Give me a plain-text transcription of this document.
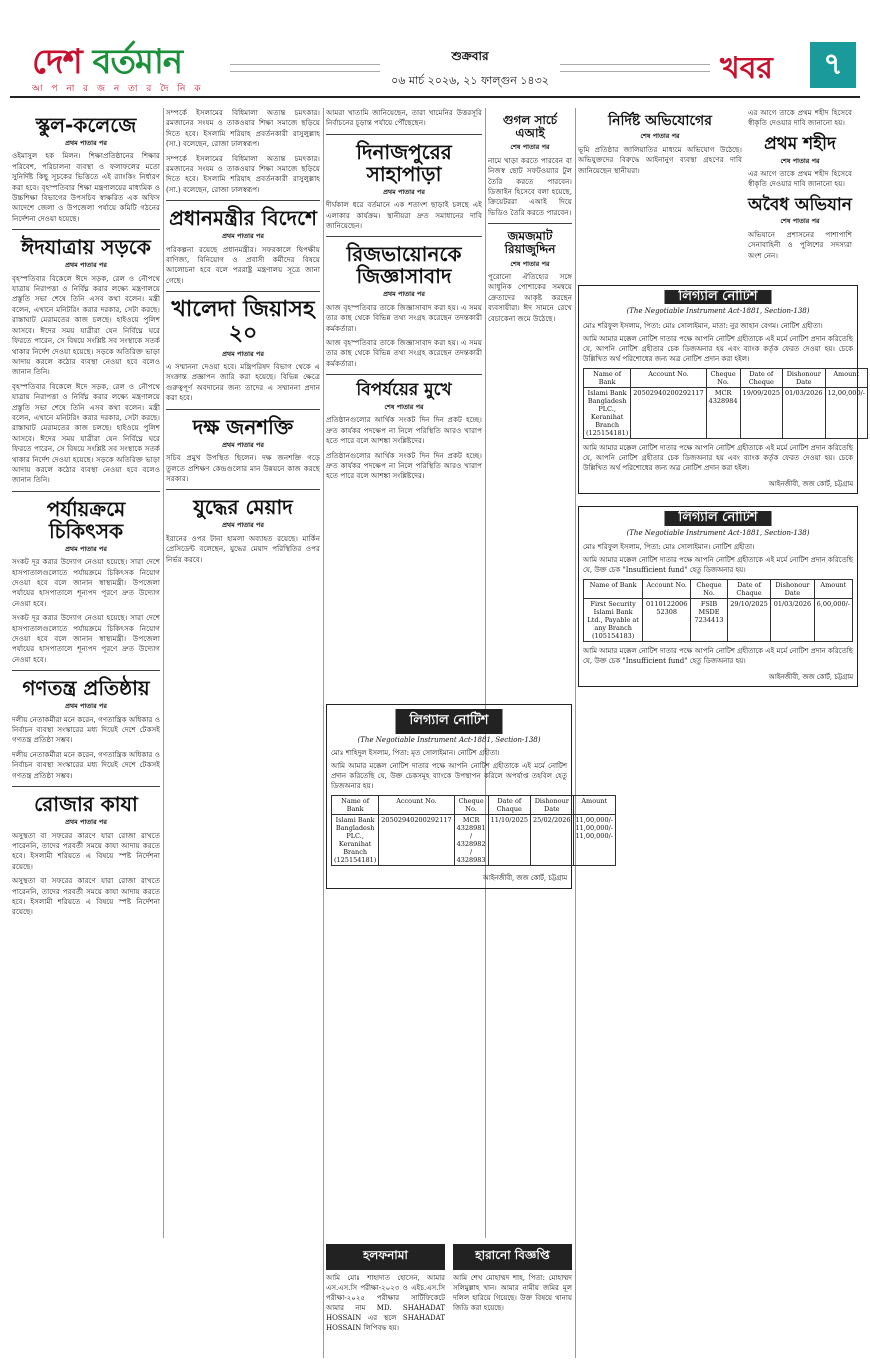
দেশ বর্তমান
আ প না র জ ন তা র দৈ নি ক
শুক্রবার
০৬ মার্চ ২০২৬, ২১ ফাল্গুন ১৪৩২	খবর	৭
স্কুল-কলেজে
প্রথম পাতার পর
ওইমাসুল হক মিলন। শিক্ষাপ্রতিষ্ঠানের শিক্ষার পরিবেশ, পরিচালনা ব্যবস্থা ও ফলাফলের মতো সুনির্দিষ্ট কিছু সূচকের ভিত্তিতে এই র‌্যাংকিং নির্ধারণ করা হবে। বৃহস্পতিবার শিক্ষা মন্ত্রণালয়ের মাধ্যমিক ও উচ্চশিক্ষা বিভাগের উপসচিব স্বাক্ষরিত এক অফিস আদেশে জেলা ও উপজেলা পর্যায়ে কমিটি গঠনের নির্দেশনা দেওয়া হয়েছে।
ঈদযাত্রায় সড়কে
প্রথম পাতার পর
বৃহস্পতিবার বিকেলে ঈদে সড়ক, রেল ও নৌপথে যাত্রায় নিরাপত্তা ও নির্বিঘ্ন করার লক্ষ্যে মন্ত্রণালয়ে প্রস্তুতি সভা শেষে তিনি এসব কথা বলেন। মন্ত্রী বলেন, এখানে মনিটরিং করার দরকার, সেটা করছে। রাস্তাঘাট মেরামতের কাজ চলছে। হাইওয়ে পুলিশ আসবে। ঈদের সময় যাত্রীরা যেন নির্বিঘ্নে ঘরে ফিরতে পারেন, সে বিষয়ে সংশ্লিষ্ট সব সংস্থাকে সতর্ক থাকার নির্দেশ দেওয়া হয়েছে। সড়কে অতিরিক্ত ভাড়া আদায় করলে কঠোর ব্যবস্থা নেওয়া হবে বলেও জানান তিনি।
বৃহস্পতিবার বিকেলে ঈদে সড়ক, রেল ও নৌপথে যাত্রায় নিরাপত্তা ও নির্বিঘ্ন করার লক্ষ্যে মন্ত্রণালয়ে প্রস্তুতি সভা শেষে তিনি এসব কথা বলেন। মন্ত্রী বলেন, এখানে মনিটরিং করার দরকার, সেটা করছে। রাস্তাঘাট মেরামতের কাজ চলছে। হাইওয়ে পুলিশ আসবে। ঈদের সময় যাত্রীরা যেন নির্বিঘ্নে ঘরে ফিরতে পারেন, সে বিষয়ে সংশ্লিষ্ট সব সংস্থাকে সতর্ক থাকার নির্দেশ দেওয়া হয়েছে। সড়কে অতিরিক্ত ভাড়া আদায় করলে কঠোর ব্যবস্থা নেওয়া হবে বলেও জানান তিনি।
পর্যায়ক্রমে চিকিৎসক
প্রথম পাতার পর
সংকট দূর করার উদ্যোগ নেওয়া হয়েছে। সারা দেশে হাসপাতালগুলোতে পর্যায়ক্রমে চিকিৎসক নিয়োগ দেওয়া হবে বলে জানান স্বাস্থ্যমন্ত্রী। উপজেলা পর্যায়ের হাসপাতালে শূন্যপদ পূরণে দ্রুত উদ্যোগ নেওয়া হবে।
সংকট দূর করার উদ্যোগ নেওয়া হয়েছে। সারা দেশে হাসপাতালগুলোতে পর্যায়ক্রমে চিকিৎসক নিয়োগ দেওয়া হবে বলে জানান স্বাস্থ্যমন্ত্রী। উপজেলা পর্যায়ের হাসপাতালে শূন্যপদ পূরণে দ্রুত উদ্যোগ নেওয়া হবে।
গণতন্ত্র প্রতিষ্ঠায়
প্রথম পাতার পর
দলীয় নেতাকর্মীরা মনে করেন, গণতান্ত্রিক অধিকার ও নির্বাচন ব্যবস্থা সংস্কারের মধ্য দিয়েই দেশে টেকসই গণতন্ত্র প্রতিষ্ঠা সম্ভব।
দলীয় নেতাকর্মীরা মনে করেন, গণতান্ত্রিক অধিকার ও নির্বাচন ব্যবস্থা সংস্কারের মধ্য দিয়েই দেশে টেকসই গণতন্ত্র প্রতিষ্ঠা সম্ভব।
রোজার কাযা
প্রথম পাতার পর
অসুস্থতা বা সফরের কারণে যারা রোজা রাখতে পারেননি, তাদের পরবর্তী সময়ে কাযা আদায় করতে হবে। ইসলামী শরিয়তে এ বিষয়ে স্পষ্ট নির্দেশনা রয়েছে।
অসুস্থতা বা সফরের কারণে যারা রোজা রাখতে পারেননি, তাদের পরবর্তী সময়ে কাযা আদায় করতে হবে। ইসলামী শরিয়তে এ বিষয়ে স্পষ্ট নির্দেশনা রয়েছে।
সম্পর্কে ইসলামের বিধিমালা অত্যন্ত চমৎকার। রমজানের সংযম ও তাকওয়ার শিক্ষা সমাজে ছড়িয়ে দিতে হবে। ইসলামি শরিয়াহ প্রবর্তনকারী রাসুলুল্লাহ (সা.) বলেছেন, রোজা ঢালস্বরূপ।
সম্পর্কে ইসলামের বিধিমালা অত্যন্ত চমৎকার। রমজানের সংযম ও তাকওয়ার শিক্ষা সমাজে ছড়িয়ে দিতে হবে। ইসলামি শরিয়াহ প্রবর্তনকারী রাসুলুল্লাহ (সা.) বলেছেন, রোজা ঢালস্বরূপ।
প্রধানমন্ত্রীর বিদেশে
প্রথম পাতার পর
পরিকল্পনা রয়েছে প্রধানমন্ত্রীর। সফরকালে দ্বিপক্ষীয় বাণিজ্য, বিনিয়োগ ও প্রবাসী কর্মীদের বিষয়ে আলোচনা হবে বলে পররাষ্ট্র মন্ত্রণালয় সূত্রে জানা গেছে।
খালেদা জিয়াসহ ২০
প্রথম পাতার পর
এ সম্মাননা দেওয়া হবে। মন্ত্রিপরিষদ বিভাগ থেকে এ সংক্রান্ত প্রজ্ঞাপন জারি করা হয়েছে। বিভিন্ন ক্ষেত্রে গুরুত্বপূর্ণ অবদানের জন্য তাদের এ সম্মাননা প্রদান করা হবে।
দক্ষ জনশক্তি
প্রথম পাতার পর
সচিব প্রমুখ উপস্থিত ছিলেন। দক্ষ জনশক্তি গড়ে তুলতে প্রশিক্ষণ কেন্দ্রগুলোর মান উন্নয়নে কাজ করছে সরকার।
যুদ্ধের মেয়াদ
প্রথম পাতার পর
ইরানের ওপর টানা হামলা অব্যাহত রয়েছে। মার্কিন প্রেসিডেন্ট বলেছেন, যুদ্ধের মেয়াদ পরিস্থিতির ওপর নির্ভর করবে।
আমরা খাতামি জানিয়েছেন, তারা খামেনির উত্তরসূরি নির্বাচনের চূড়ান্ত পর্যায়ে পৌঁছেছেন।
দিনাজপুরের সাহাপাড়া
প্রথম পাতার পর
দীর্ঘকাল ধরে বর্তমানে এক শতাংশ ছাড়াই চলছে এই এলাকার কার্যক্রম। স্থানীয়রা দ্রুত সমাধানের দাবি জানিয়েছেন।
রিজভায়োনকে জিজ্ঞাসাবাদ
প্রথম পাতার পর
আজ বৃহস্পতিবার তাকে জিজ্ঞাসাবাদ করা হয়। এ সময় তার কাছ থেকে বিভিন্ন তথ্য সংগ্রহ করেছেন তদন্তকারী কর্মকর্তারা।
আজ বৃহস্পতিবার তাকে জিজ্ঞাসাবাদ করা হয়। এ সময় তার কাছ থেকে বিভিন্ন তথ্য সংগ্রহ করেছেন তদন্তকারী কর্মকর্তারা।
বিপর্যয়ের মুখে
শেষ পাতার পর
প্রতিষ্ঠানগুলোর আর্থিক সংকট দিন দিন প্রকট হচ্ছে। দ্রুত কার্যকর পদক্ষেপ না নিলে পরিস্থিতি আরও খারাপ হতে পারে বলে আশঙ্কা সংশ্লিষ্টদের।
প্রতিষ্ঠানগুলোর আর্থিক সংকট দিন দিন প্রকট হচ্ছে। দ্রুত কার্যকর পদক্ষেপ না নিলে পরিস্থিতি আরও খারাপ হতে পারে বলে আশঙ্কা সংশ্লিষ্টদের।
গুগল সার্চে এআই
শেষ পাতার পর
নামে খাড়া করতে পারবেন বা নিজস্ব ছোট সফটওয়্যার টুল তৈরি করতে পারবেন। ডিজাইন হিসেবে বলা হয়েছে, ক্রিয়েটররা এআই দিয়ে ভিডিও তৈরি করতে পারবেন।
জমজমাট রিয়াজুদ্দিন
শেষ পাতার পর
পুরোনো ঐতিহ্যের সঙ্গে আধুনিক পোশাকের সমন্বয়ে ক্রেতাদের আকৃষ্ট করছেন ব্যবসায়ীরা। ঈদ সামনে রেখে বেচাকেনা জমে উঠেছে।
লিগ্যাল নোটিশ
(The Negotiable Instrument Act-1881, Section-138)
মোঃ শাহিদুল ইসলাম, পিতা: মৃত সোলাইমান। নোটিশ গ্রহীতা।
আমি আমার মক্কেল নোটিশ দাতার পক্ষে আপনি নোটিশ গ্রহীতাকে এই মর্মে নোটিশ প্রদান করিতেছি যে, উক্ত চেকসমূহ ব্যাংকে উপস্থাপন করিলে অপর্যাপ্ত তহবিল হেতু ডিজঅনার হয়।
Name of Bank	Account No.	Cheque No.	Date of Chaque	Dishonour Date	Amount
Islami Bank Bangladesh PLC., Keranihat Branch (125154181)	20502940200292117	MCR 4328981 / 4328982 / 4328983	11/10/2025	25/02/2026	11,00,000/- 11,00,000/- 11,00,000/-
আইনজীবী, জজ কোর্ট, চট্টগ্রাম
নির্দিষ্ট অভিযোগের
শেষ পাতার পর
ভূমি প্রতিষ্ঠার জালিয়াতির মাধ্যমে অভিযোগ উঠেছে। অভিযুক্তদের বিরুদ্ধে আইনানুগ ব্যবস্থা গ্রহণের দাবি জানিয়েছেন স্থানীয়রা।
এর আগে তাকে প্রথম শহীদ হিসেবে স্বীকৃতি দেওয়ার দাবি জানানো হয়।
প্রথম শহীদ
শেষ পাতার পর
এর আগে তাকে প্রথম শহীদ হিসেবে স্বীকৃতি দেওয়ার দাবি জানানো হয়।
অবৈধ অভিযান
শেষ পাতার পর
অভিযানে প্রশাসনের পাশাপাশি সেনাবাহিনী ও পুলিশের সদস্যরা অংশ নেন।
লিগ্যাল নোটিশ
(The Negotiable Instrument Act-1881, Section-138)
মোঃ শরিফুল ইসলাম, পিতা: মোঃ সোলাইমান, মাতা: নুর জাহান বেগম। নোটিশ গ্রহীতা।
আমি আমার মক্কেল নোটিশ দাতার পক্ষে আপনি নোটিশ গ্রহীতাকে এই মর্মে নোটিশ প্রদান করিতেছি যে, আপনি নোটিশ গ্রহীতার চেক ডিজঅনার হয় এবং ব্যাংক কর্তৃক ফেরত দেওয়া হয়। চেকে উল্লিখিত অর্থ পরিশোধের জন্য অত্র নোটিশ প্রদান করা হইল।
Name of Bank	Account No.	Cheque No.	Date of Cheque	Dishonour Date	Amount
Islami Bank Bangladesh PLC., Keranihat Branch (125154181)	20502940200292117	MCR 4328984	19/09/2025	01/03/2026	12,00,000/-
আমি আমার মক্কেল নোটিশ দাতার পক্ষে আপনি নোটিশ গ্রহীতাকে এই মর্মে নোটিশ প্রদান করিতেছি যে, আপনি নোটিশ গ্রহীতার চেক ডিজঅনার হয় এবং ব্যাংক কর্তৃক ফেরত দেওয়া হয়। চেকে উল্লিখিত অর্থ পরিশোধের জন্য অত্র নোটিশ প্রদান করা হইল।
আইনজীবী, জজ কোর্ট, চট্টগ্রাম
লিগ্যাল নোটিশ
(The Negotiable Instrument Act-1881, Section-138)
মোঃ শরিফুল ইসলাম, পিতা: মোঃ সোলাইমান। নোটিশ গ্রহীতা।
আমি আমার মক্কেল নোটিশ দাতার পক্ষে আপনি নোটিশ গ্রহীতাকে এই মর্মে নোটিশ প্রদান করিতেছি যে, উক্ত চেক "Insufficient fund" হেতু ডিজঅনার হয়।
Name of Bank	Account No.	Cheque No.	Date of Chaque	Dishonour Date	Amount
First Security Islami Bank Ltd., Payable at any Branch (105154183)	0110122006 52308	FSIB MSDE 7234413	29/10/2025	01/03/2026	6,00,000/-
আমি আমার মক্কেল নোটিশ দাতার পক্ষে আপনি নোটিশ গ্রহীতাকে এই মর্মে নোটিশ প্রদান করিতেছি যে, উক্ত চেক "Insufficient fund" হেতু ডিজঅনার হয়।
আইনজীবী, জজ কোর্ট, চট্টগ্রাম
হলফনামা
আমি মোঃ শাহাদাত হোসেন, আমার এস.এস.সি পরীক্ষা-২০২৩ ও এইচ.এস.সি পরীক্ষা-২০২৫ পরীক্ষার সার্টিফিকেটে আমার নাম MD. SHAHADAT HOSSAIN এর স্থলে SHAHADAT HOSSAIN লিপিবদ্ধ হয়।
হারানো বিজ্ঞপ্তি
আমি শেখ মোহাম্মদ শাহ, পিতা: মোহাম্মদ সলিমুল্লাহ খান। আমার নামীয় জমির মূল দলিল হারিয়ে গিয়েছে। উক্ত বিষয়ে থানায় জিডি করা হয়েছে।
